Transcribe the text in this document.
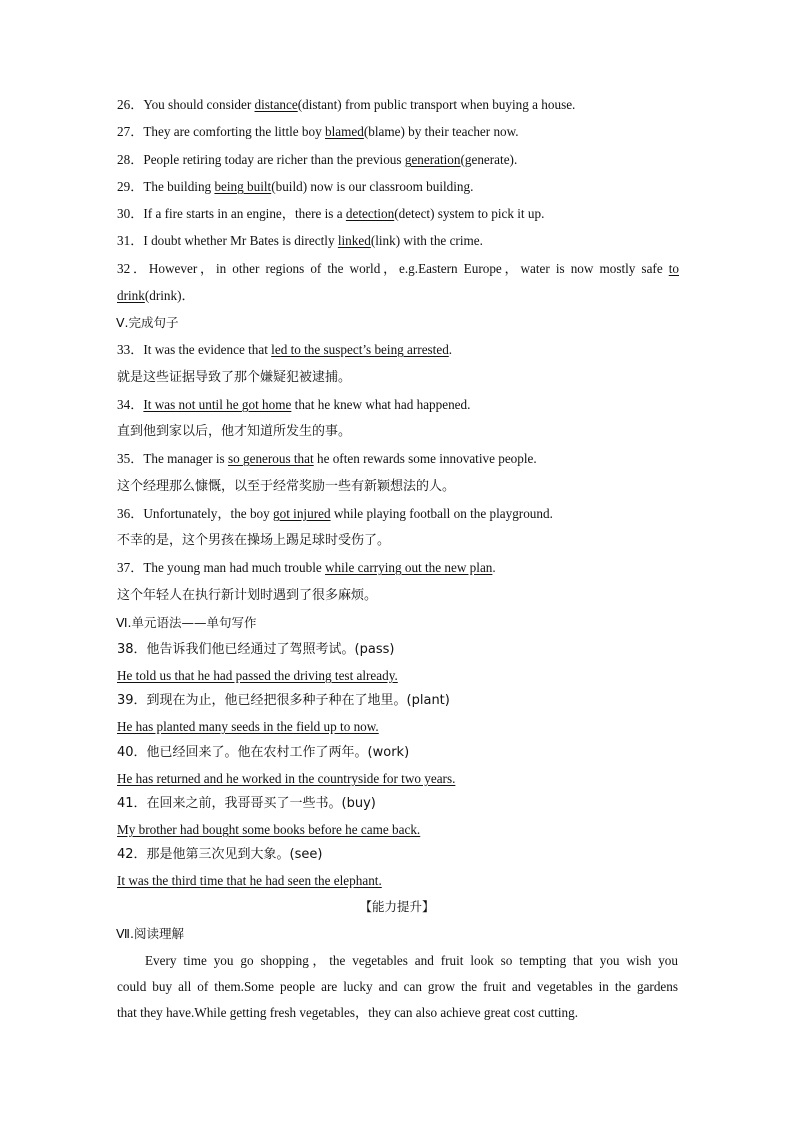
26．You should consider distance(distant) from public transport when buying a house.
27．They are comforting the little boy blamed(blame) by their teacher now.
28．People retiring today are richer than the previous generation(generate).
29．The building being built(build) now is our classroom building.
30．If a fire starts in an engine，there is a detection(detect) system to pick it up.
31．I doubt whether Mr Bates is directly linked(link) with the crime.
32．However，in other regions of the world，e.g.Eastern Europe，water is now mostly safe to
drink(drink)．
Ⅴ.完成句子
33．It was the evidence that led to the suspect’s being arrested.
就是这些证据导致了那个嫌疑犯被逮捕。
34．It was not until he got home that he knew what had happened.
直到他到家以后，他才知道所发生的事。
35．The manager is so generous that he often rewards some innovative people.
这个经理那么慷慨，以至于经常奖励一些有新颖想法的人。
36．Unfortunately，the boy got injured while playing football on the playground.
不幸的是，这个男孩在操场上踢足球时受伤了。
37．The young man had much trouble while carrying out the new plan.
这个年轻人在执行新计划时遇到了很多麻烦。
Ⅵ.单元语法——单句写作
38．他告诉我们他已经通过了驾照考试。(pass)
He told us that he had passed the driving test already.
39．到现在为止，他已经把很多种子种在了地里。(plant)
He has planted many seeds in the field up to now.
40．他已经回来了。他在农村工作了两年。(work)
He has returned and he worked in the countryside for two years.
41．在回来之前，我哥哥买了一些书。(buy)
My brother had bought some books before he came back.
42．那是他第三次见到大象。(see)
It was the third time that he had seen the elephant.
【能力提升】
Ⅶ.阅读理解
Every time you go shopping，the vegetables and fruit look so tempting that you wish you
could buy all of them.Some people are lucky and can grow the fruit and vegetables in the gardens
that they have.While getting fresh vegetables，they can also achieve great cost cutting.
